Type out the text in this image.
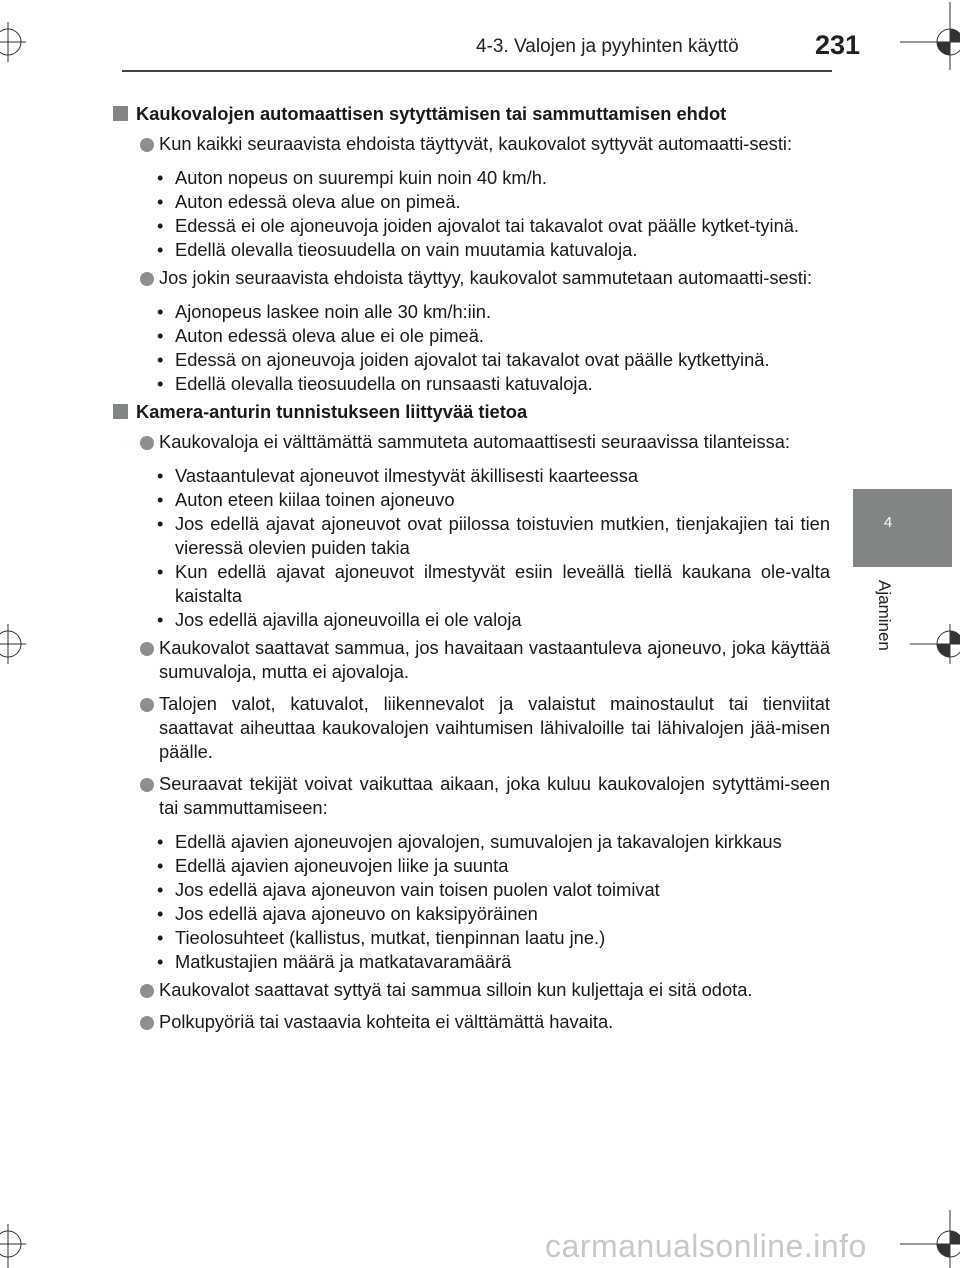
4-3. Valojen ja pyyhinten käyttö	231
4
Ajaminen
Kaukovalojen automaattisen sytyttämisen tai sammuttamisen ehdot
Kun kaikki seuraavista ehdoista täyttyvät, kaukovalot syttyvät automaatti-sesti:

• Auton nopeus on suurempi kuin noin 40 km/h.

• Auton edessä oleva alue on pimeä.

• Edessä ei ole ajoneuvoja joiden ajovalot tai takavalot ovat päälle kytket-tyinä.

• Edellä olevalla tieosuudella on vain muutamia katuvaloja.

Jos jokin seuraavista ehdoista täyttyy, kaukovalot sammutetaan automaatti-sesti:

• Ajonopeus laskee noin alle 30 km/h:iin.

• Auton edessä oleva alue ei ole pimeä.

• Edessä on ajoneuvoja joiden ajovalot tai takavalot ovat päälle kytkettyinä.

• Edellä olevalla tieosuudella on runsaasti katuvaloja.

Kamera-anturin tunnistukseen liittyvää tietoa
Kaukovaloja ei välttämättä sammuteta automaattisesti seuraavissa tilanteissa:

• Vastaantulevat ajoneuvot ilmestyvät äkillisesti kaarteessa

• Auton eteen kiilaa toinen ajoneuvo

• Jos edellä ajavat ajoneuvot ovat piilossa toistuvien mutkien, tienjakajien tai tien vieressä olevien puiden takia

• Kun edellä ajavat ajoneuvot ilmestyvät esiin leveällä tiellä kaukana ole-valta kaistalta

• Jos edellä ajavilla ajoneuvoilla ei ole valoja

Kaukovalot saattavat sammua, jos havaitaan vastaantuleva ajoneuvo, joka käyttää sumuvaloja, mutta ei ajovaloja.
Talojen valot, katuvalot, liikennevalot ja valaistut mainostaulut tai tienviitat saattavat aiheuttaa kaukovalojen vaihtumisen lähivaloille tai lähivalojen jää-misen päälle.
Seuraavat tekijät voivat vaikuttaa aikaan, joka kuluu kaukovalojen sytyttämi-seen tai sammuttamiseen:

• Edellä ajavien ajoneuvojen ajovalojen, sumuvalojen ja takavalojen kirkkaus

• Edellä ajavien ajoneuvojen liike ja suunta

• Jos edellä ajava ajoneuvon vain toisen puolen valot toimivat

• Jos edellä ajava ajoneuvo on kaksipyöräinen

• Tieolosuhteet (kallistus, mutkat, tienpinnan laatu jne.)

• Matkustajien määrä ja matkatavaramäärä

Kaukovalot saattavat syttyä tai sammua silloin kun kuljettaja ei sitä odota.
Polkupyöriä tai vastaavia kohteita ei välttämättä havaita.
carmanualsonline.info
